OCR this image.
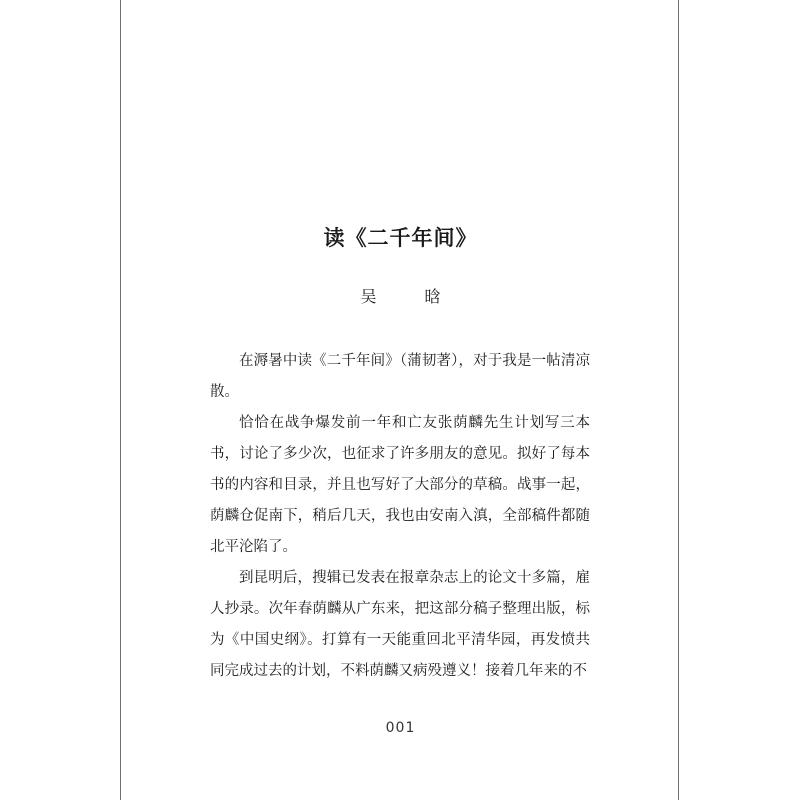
读《二千年间》
吴　晗

在溽暑中读《二千年间》（蒲韧著），对于我是一帖清凉散。

恰恰在战争爆发前一年和亡友张荫麟先生计划写三本书，讨论了多少次，也征求了许多朋友的意见。拟好了每本书的内容和目录，并且也写好了大部分的草稿。战事一起，荫麟仓促南下，稍后几天，我也由安南入滇，全部稿件都随北平沦陷了。

到昆明后，搜辑已发表在报章杂志上的论文十多篇，雇人抄录。次年春荫麟从广东来，把这部分稿子整理出版，标为《中国史纲》。打算有一天能重回北平清华园，再发愤共同完成过去的计划，不料荫麟又病殁遵义！接着几年来的不

001
